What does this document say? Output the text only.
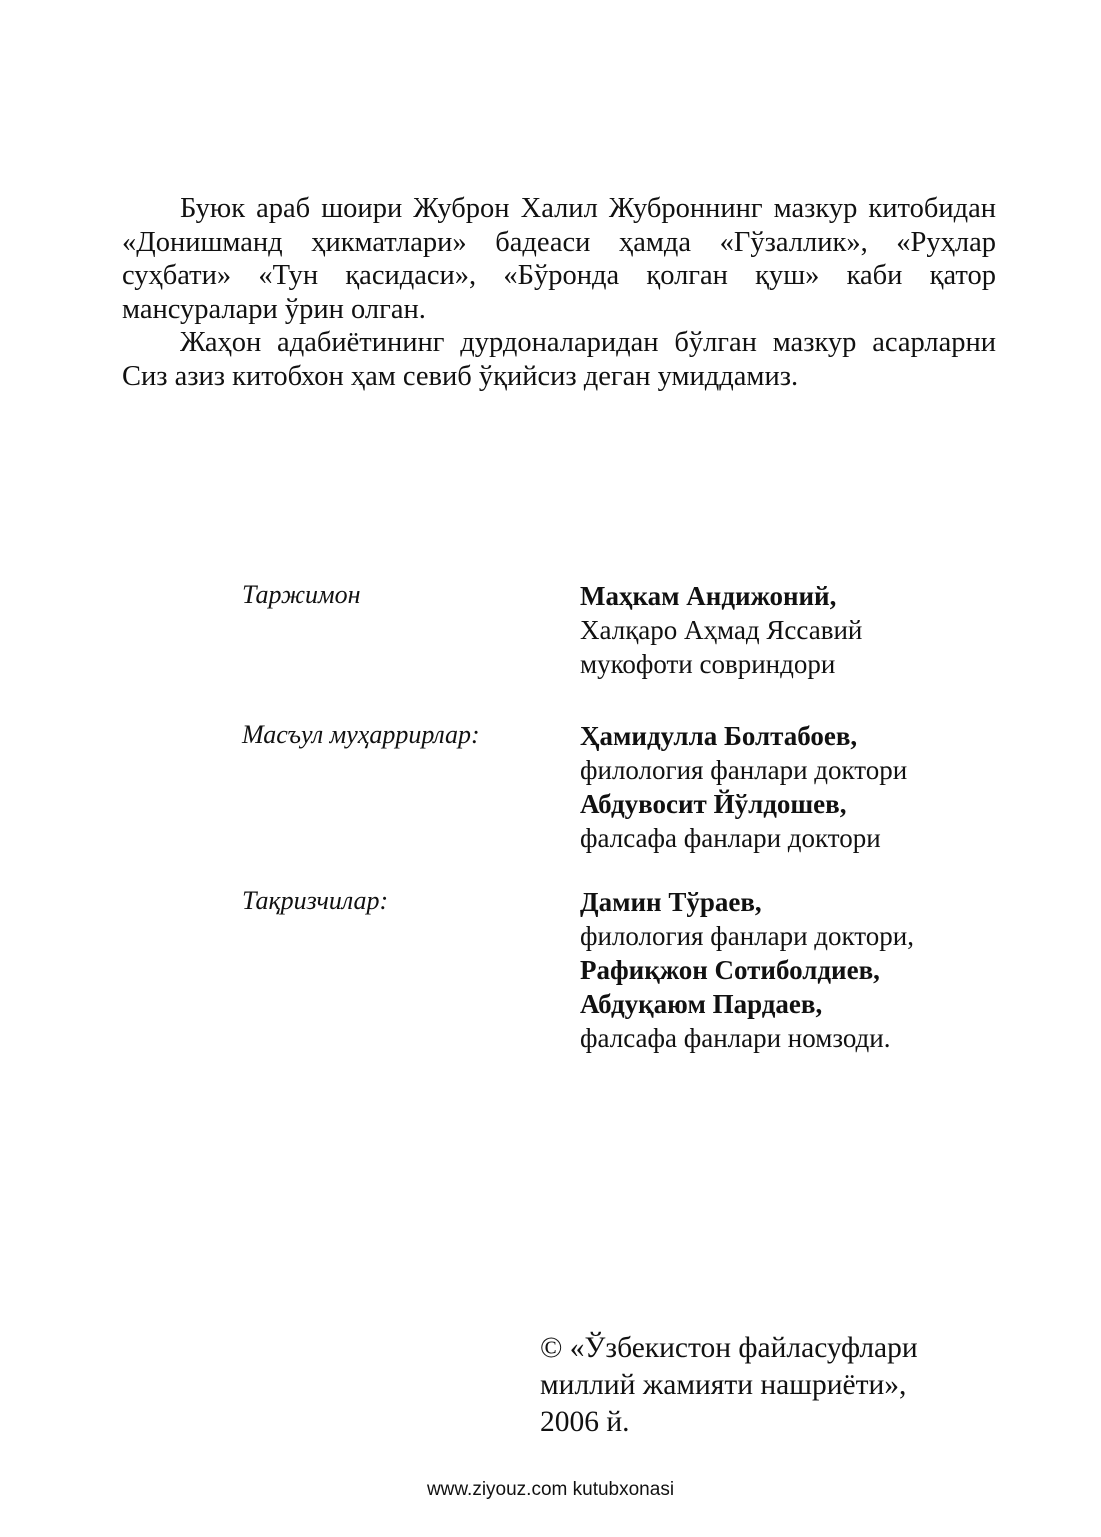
Буюк араб шоири Жуброн Халил Жуброннинг мазкур китобидан «Донишманд ҳикматлари» бадеаси ҳамда «Гўзаллик», «Руҳлар суҳбати» «Тун қасидаси», «Бўронда қолган қуш» каби қатор мансуралари ўрин олган.

Жаҳон адабиётининг дурдоналаридан бўлган мазкур асарларни Сиз азиз китобхон ҳам севиб ўқийсиз деган умиддамиз.

Таржимон	Маҳкам Андижоний,
Халқаро Аҳмад Яссавий
мукофоти совриндори
Масъул муҳаррирлар:	Ҳамидулла Болтабоев,
филология фанлари доктори
Абдувосит Йўлдошев,
фалсафа фанлари доктори
Тақризчилар:	Дамин Тўраев,
филология фанлари доктори,
Рафиқжон Сотиболдиев,
Абдуқаюм Пардаев,
фалсафа фанлари номзоди.
© «Ўзбекистон файласуфлари
миллий жамияти нашриёти»,
2006 й.
www.ziyouz.com kutubxonasi
